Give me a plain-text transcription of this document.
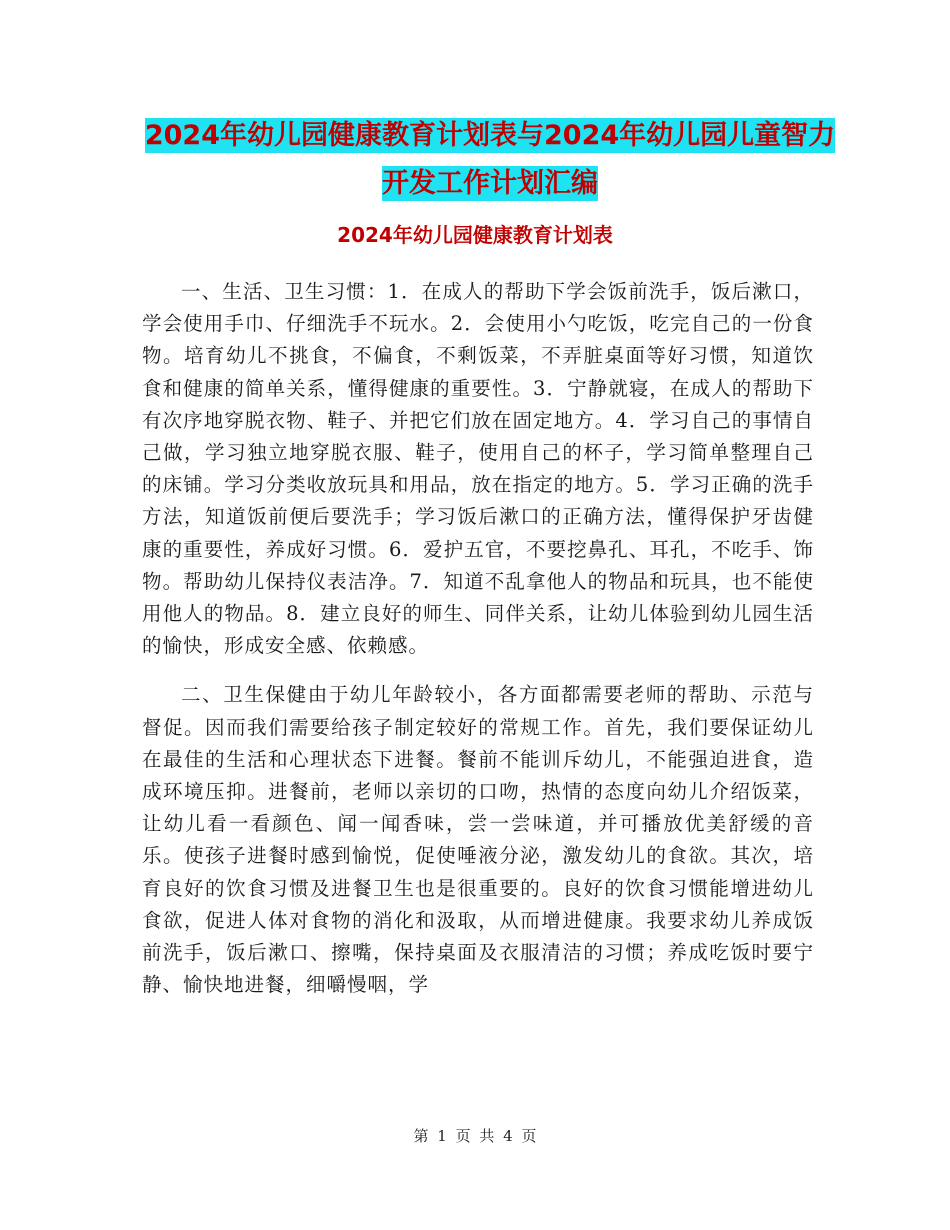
2024年幼儿园健康教育计划表与2024年幼儿园儿童智力开发工作计划汇编
2024年幼儿园健康教育计划表

一、生活、卫生习惯：1．在成人的帮助下学会饭前洗手，饭后漱口，学会使用手巾、仔细洗手不玩水。2．会使用小勺吃饭，吃完自己的一份食物。培育幼儿不挑食，不偏食，不剩饭菜，不弄脏桌面等好习惯，知道饮食和健康的简单关系，懂得健康的重要性。3．宁静就寝，在成人的帮助下有次序地穿脱衣物、鞋子、并把它们放在固定地方。4．学习自己的事情自己做，学习独立地穿脱衣服、鞋子，使用自己的杯子，学习简单整理自己的床铺。学习分类收放玩具和用品，放在指定的地方。5．学习正确的洗手方法，知道饭前便后要洗手；学习饭后漱口的正确方法，懂得保护牙齿健康的重要性，养成好习惯。6．爱护五官，不要挖鼻孔、耳孔，不吃手、饰物。帮助幼儿保持仪表洁净。7．知道不乱拿他人的物品和玩具，也不能使用他人的物品。8．建立良好的师生、同伴关系，让幼儿体验到幼儿园生活的愉快，形成安全感、依赖感。

二、卫生保健由于幼儿年龄较小，各方面都需要老师的帮助、示范与督促。因而我们需要给孩子制定较好的常规工作。首先，我们要保证幼儿在最佳的生活和心理状态下进餐。餐前不能训斥幼儿，不能强迫进食，造成环境压抑。进餐前，老师以亲切的口吻，热情的态度向幼儿介绍饭菜，让幼儿看一看颜色、闻一闻香味，尝一尝味道，并可播放优美舒缓的音乐。使孩子进餐时感到愉悦，促使唾液分泌，激发幼儿的食欲。其次，培育良好的饮食习惯及进餐卫生也是很重要的。良好的饮食习惯能增进幼儿食欲，促进人体对食物的消化和汲取，从而增进健康。我要求幼儿养成饭前洗手，饭后漱口、擦嘴，保持桌面及衣服清洁的习惯；养成吃饭时要宁静、愉快地进餐，细嚼慢咽，学

第 1 页 共 4 页
